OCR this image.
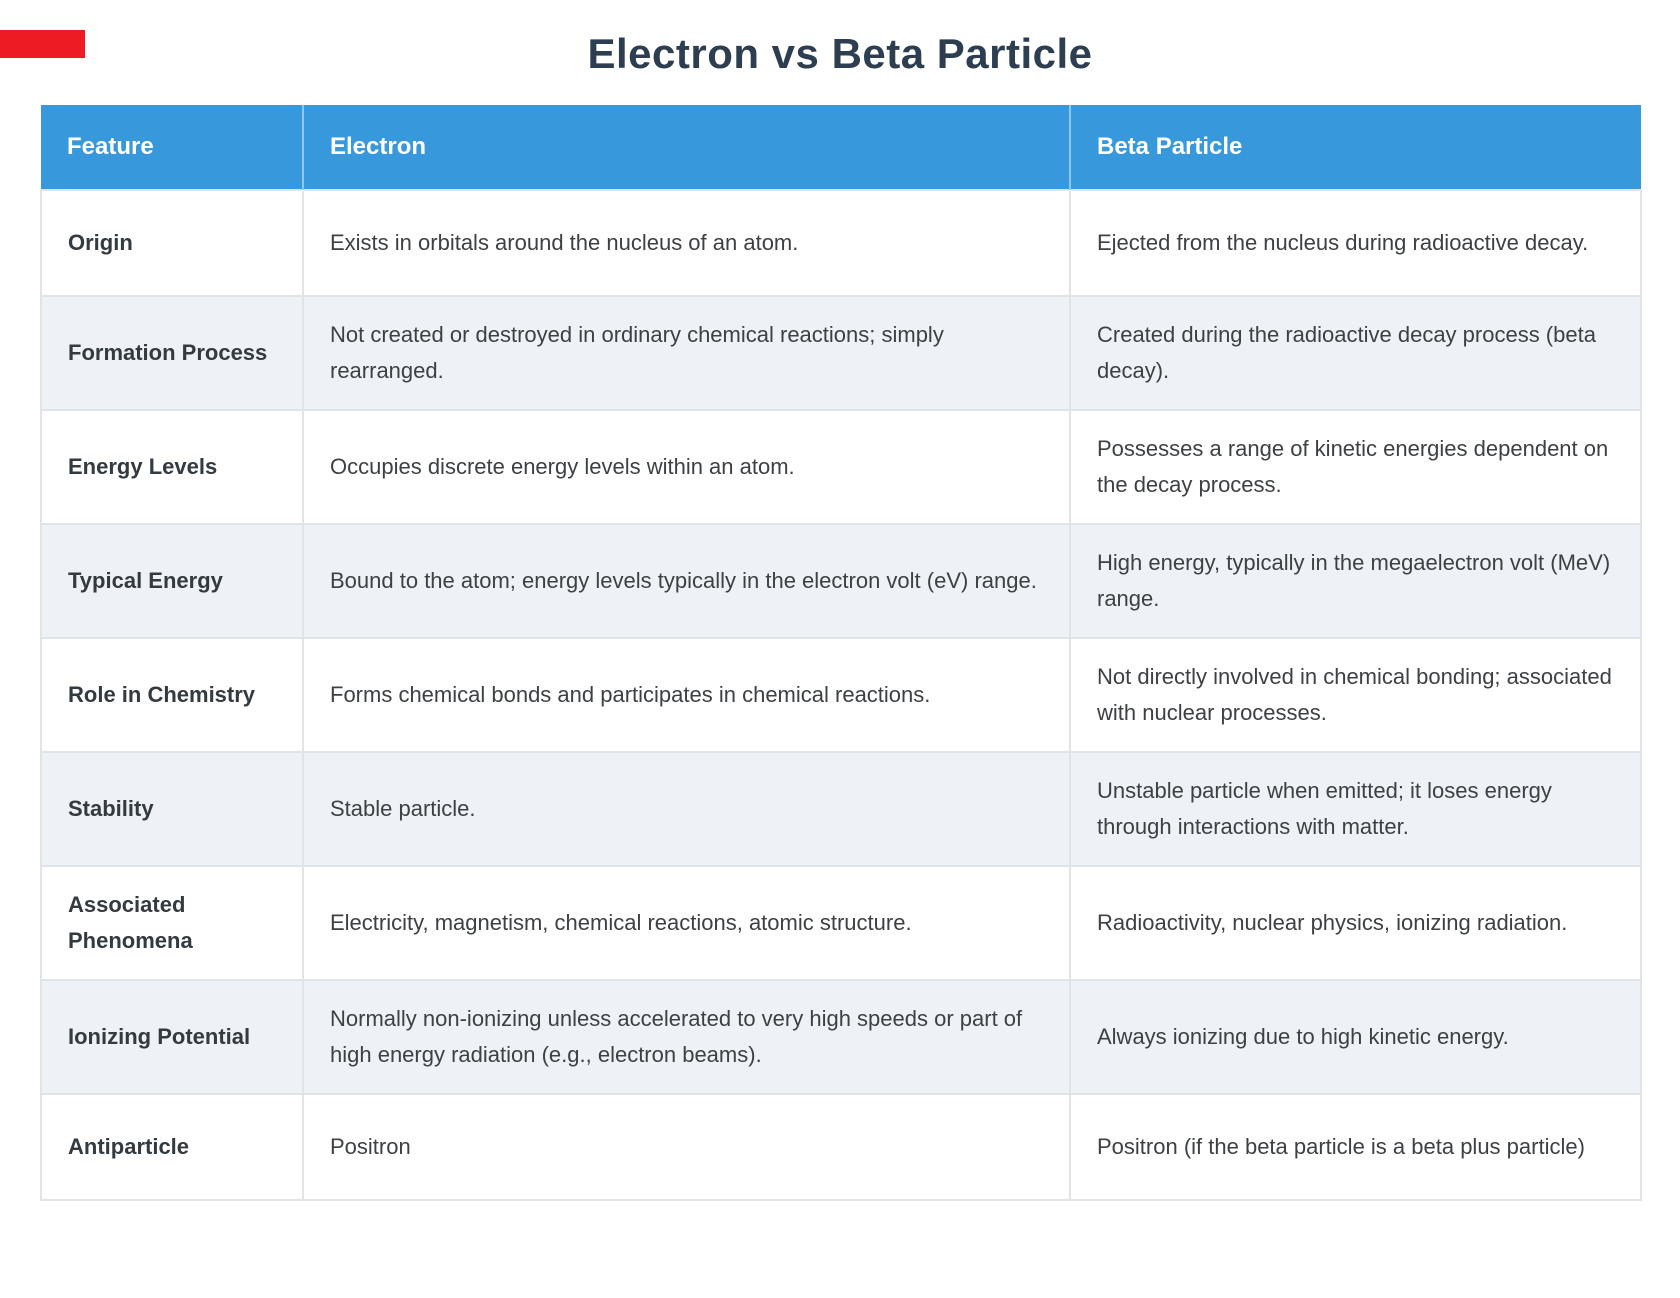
Electron vs Beta Particle
Feature	Electron	Beta Particle
Origin	Exists in orbitals around the nucleus of an atom.	Ejected from the nucleus during radioactive decay.
Formation Process	Not created or destroyed in ordinary chemical reactions; simply rearranged.	Created during the radioactive decay process (beta decay).
Energy Levels	Occupies discrete energy levels within an atom.	Possesses a range of kinetic energies dependent on the decay process.
Typical Energy	Bound to the atom; energy levels typically in the electron volt (eV) range.	High energy, typically in the megaelectron volt (MeV) range.
Role in Chemistry	Forms chemical bonds and participates in chemical reactions.	Not directly involved in chemical bonding; associated with nuclear processes.
Stability	Stable particle.	Unstable particle when emitted; it loses energy through interactions with matter.
Associated Phenomena	Electricity, magnetism, chemical reactions, atomic structure.	Radioactivity, nuclear physics, ionizing radiation.
Ionizing Potential	Normally non-ionizing unless accelerated to very high speeds or part of high energy radiation (e.g., electron beams).	Always ionizing due to high kinetic energy.
Antiparticle	Positron	Positron (if the beta particle is a beta plus particle)
